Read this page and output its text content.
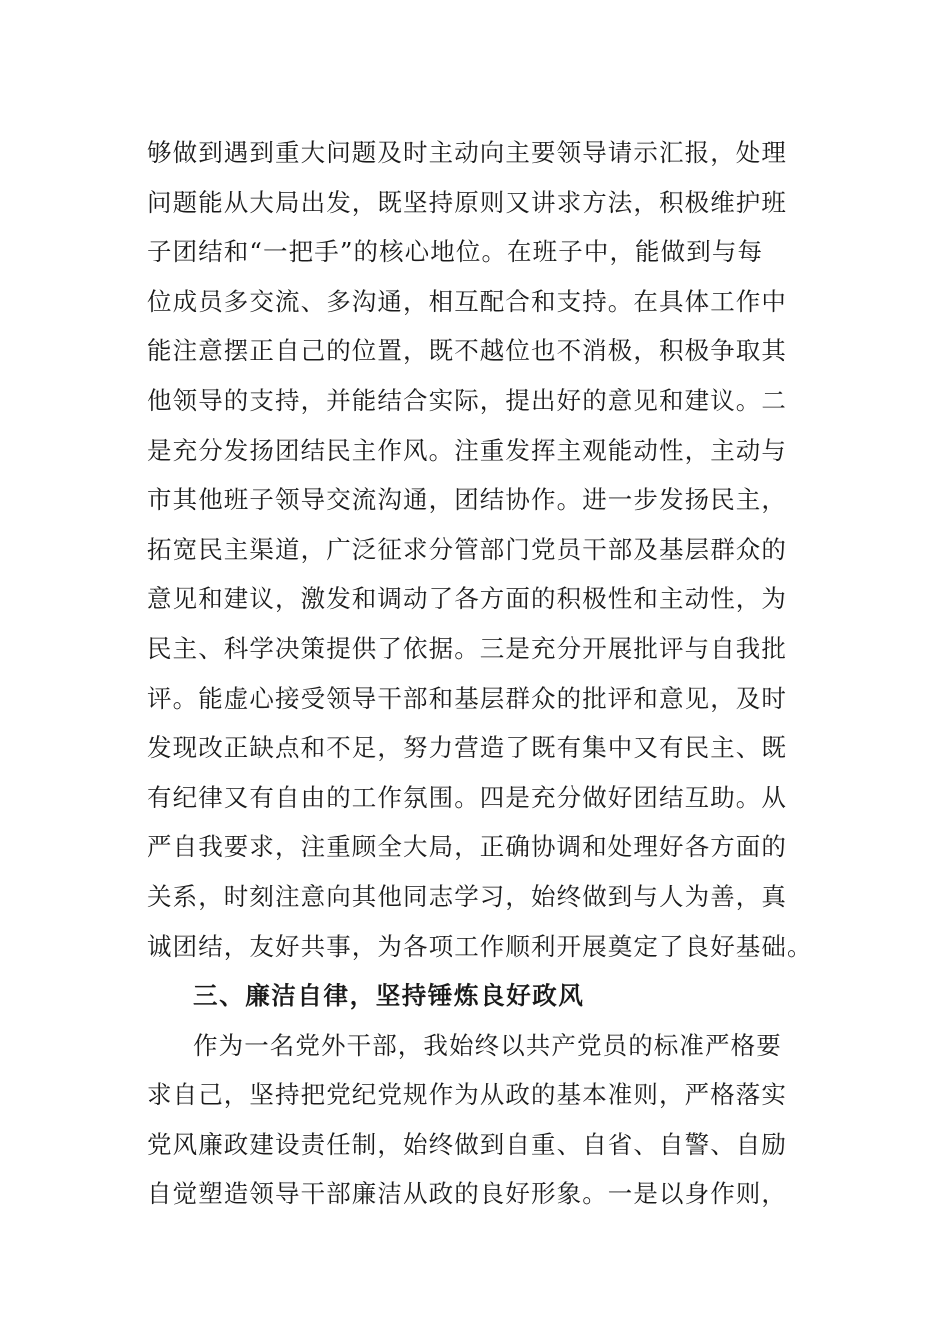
够做到遇到重大问题及时主动向主要领导请示汇报，处理
问题能从大局出发，既坚持原则又讲求方法，积极维护班
子团结和“一把手”的核心地位。在班子中，能做到与每
位成员多交流、多沟通，相互配合和支持。在具体工作中
能注意摆正自己的位置，既不越位也不消极，积极争取其
他领导的支持，并能结合实际，提出好的意见和建议。二
是充分发扬团结民主作风。注重发挥主观能动性，主动与
市其他班子领导交流沟通，团结协作。进一步发扬民主，
拓宽民主渠道，广泛征求分管部门党员干部及基层群众的
意见和建议，激发和调动了各方面的积极性和主动性，为
民主、科学决策提供了依据。三是充分开展批评与自我批
评。能虚心接受领导干部和基层群众的批评和意见，及时
发现改正缺点和不足，努力营造了既有集中又有民主、既
有纪律又有自由的工作氛围。四是充分做好团结互助。从
严自我要求，注重顾全大局，正确协调和处理好各方面的
关系，时刻注意向其他同志学习，始终做到与人为善，真
诚团结，友好共事，为各项工作顺利开展奠定了良好基础。
三、廉洁自律，坚持锤炼良好政风
作为一名党外干部，我始终以共产党员的标准严格要
求自己，坚持把党纪党规作为从政的基本准则，严格落实
党风廉政建设责任制，始终做到自重、自省、自警、自励
自觉塑造领导干部廉洁从政的良好形象。一是以身作则，
